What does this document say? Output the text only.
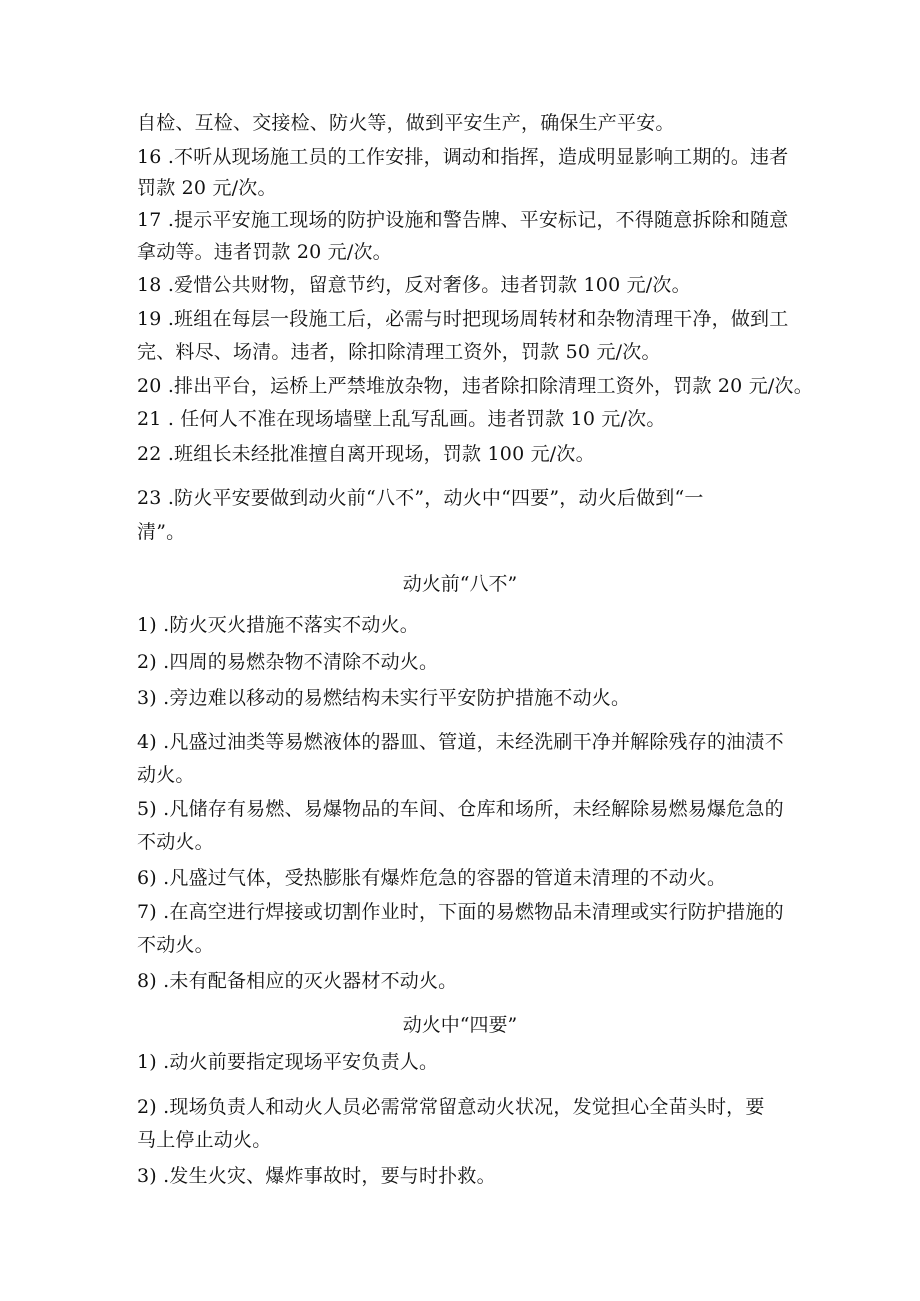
自检、互检、交接检、防火等，做到平安生产，确保生产平安。
16 .不听从现场施工员的工作安排，调动和指挥，造成明显影响工期的。违者
罚款 20 元/次。
17 .提示平安施工现场的防护设施和警告牌、平安标记，不得随意拆除和随意
拿动等。违者罚款 20 元/次。
18 .爱惜公共财物，留意节约，反对奢侈。违者罚款 100 元/次。
19 .班组在每层一段施工后，必需与时把现场周转材和杂物清理干净，做到工
完、料尽、场清。违者，除扣除清理工资外，罚款 50 元/次。
20 .排出平台，运桥上严禁堆放杂物，违者除扣除清理工资外，罚款 20 元/次。
21 . 任何人不准在现场墙壁上乱写乱画。违者罚款 10 元/次。
22 .班组长未经批准擅自离开现场，罚款 100 元/次。
23 .防火平安要做到动火前“八不”，动火中“四要”，动火后做到“一
清”。
动火前“八不”
1) .防火灭火措施不落实不动火。
2) .四周的易燃杂物不清除不动火。
3) .旁边难以移动的易燃结构未实行平安防护措施不动火。
4) .凡盛过油类等易燃液体的器皿、管道，未经洗刷干净并解除残存的油渍不
动火。
5) .凡储存有易燃、易爆物品的车间、仓库和场所，未经解除易燃易爆危急的
不动火。
6) .凡盛过气体，受热膨胀有爆炸危急的容器的管道未清理的不动火。
7) .在高空进行焊接或切割作业时，下面的易燃物品未清理或实行防护措施的
不动火。
8) .未有配备相应的灭火器材不动火。
动火中“四要”
1) .动火前要指定现场平安负责人。
2) .现场负责人和动火人员必需常常留意动火状况，发觉担心全苗头时，要
马上停止动火。
3) .发生火灾、爆炸事故时，要与时扑救。
